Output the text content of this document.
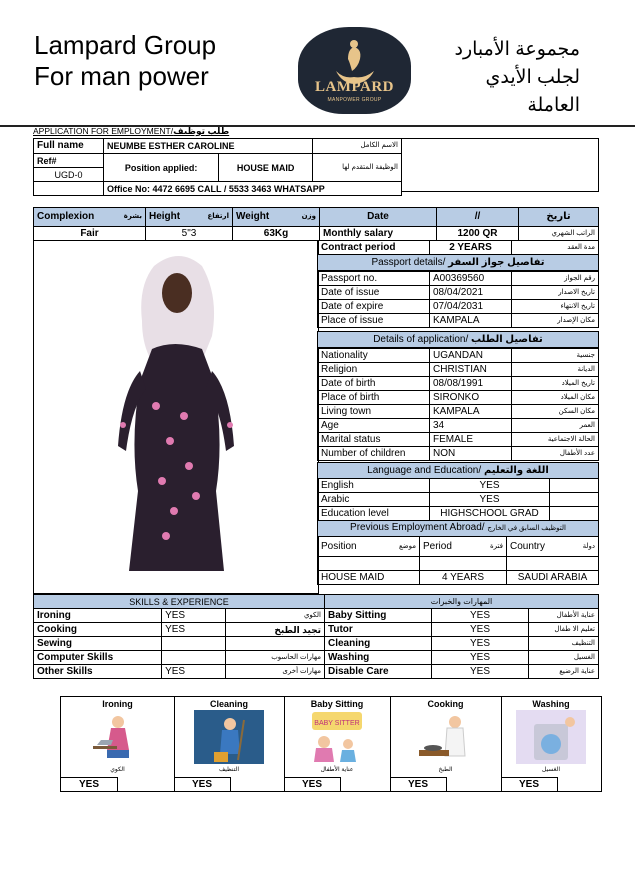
Lampard Group
For man power	LAMPARD
MANPOWER GROUP
مجموعة الأمبارد
لجلب الأيدي العاملة
APPLICATION FOR EMPLOYMENT/طلب توظيف
Full name	NEUMBE ESTHER CAROLINE		الاسم الكامل
Ref#	Position applied:	HOUSE MAID	الوظيفة المتقدم لها
UGD-0			
	Office No: 4472 6695 CALL / 5533 3463 WHATSAPP		
Complexion بشرة	Height ارتفاع	Weight وزن	Date	//	تاريخ
Fair	5"3	63Kg	Monthly salary	1200 QR	الراتب الشهري
Contract period	2 YEARS	مدة العقد
Passport details/ تفاصيل جواز السفر
Passport no.	A00369560	رقم الجواز
Date of issue	08/04/2021	تاريخ الاصدار
Date of expire	07/04/2031	تاريخ الانتهاء
Place of issue	KAMPALA	مكان الإصدار
Details of application/ تفاصيل الطلب
Nationality	UGANDAN	جنسية
Religion	CHRISTIAN	الديانة
Date of birth	08/08/1991	تاريخ الميلاد
Place of birth	SIRONKO	مكان الميلاد
Living town	KAMPALA	مكان السكن
Age	34	العمر
Marital status	FEMALE	الحالة الاجتماعية
Number of children	NON	عدد الأطفال
Language and Education/ اللغة والتعليم
English	YES	
Arabic	YES	
Education level	HIGHSCHOOL GRAD	
Previous Employment Abroad/ التوظيف السابق في الخارج		
Position موضع	Period فترة	Country دولة

HOUSE MAID	4 YEARS	SAUDI ARABIA
SKILLS & EXPERIENCE			المهارات والخبرات		
Ironing	YES	الكوي	Baby Sitting	YES	عناية الأطفال
Cooking	YES	تجيد الطبخ	Tutor	YES	تعليم الا طفال
Sewing			Cleaning	YES	التنظيف
Computer Skills		مهارات الحاسوب	Washing	YES	الغسيل
Other Skills	YES	مهارات أخرى	Disable Care	YES	عناية الرضيع
Ironing
الكوي
YES
Cleaning
التنظيف
YES
Baby Sitting
BABY SITTER
عناية الأطفال
YES
Cooking
الطبخ
YES
Washing
الغسيل
YES
